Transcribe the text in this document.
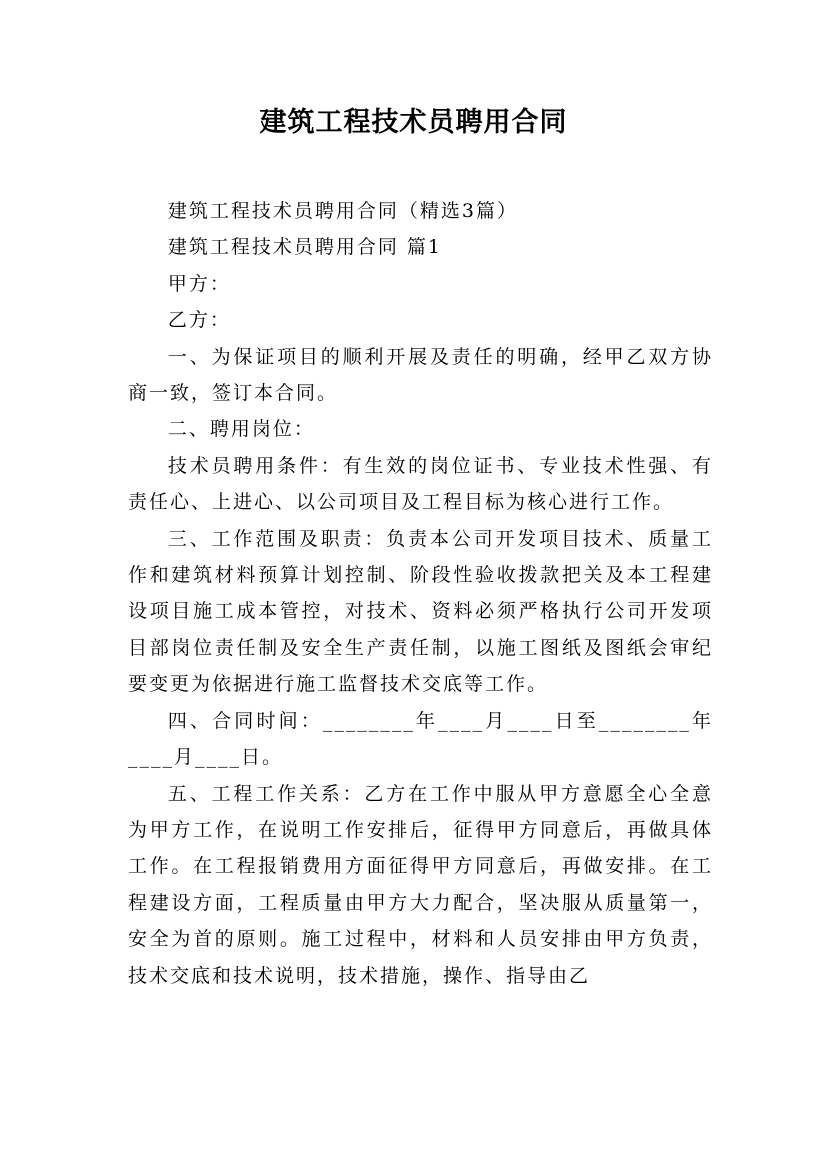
建筑工程技术员聘用合同

建筑工程技术员聘用合同（精选3篇）

建筑工程技术员聘用合同 篇1

甲方：

乙方：

一、为保证项目的顺利开展及责任的明确，经甲乙双方协商一致，签订本合同。

二、聘用岗位：

技术员聘用条件：有生效的岗位证书、专业技术性强、有责任心、上进心、以公司项目及工程目标为核心进行工作。

三、工作范围及职责：负责本公司开发项目技术、质量工作和建筑材料预算计划控制、阶段性验收拨款把关及本工程建设项目施工成本管控，对技术、资料必须严格执行公司开发项目部岗位责任制及安全生产责任制，以施工图纸及图纸会审纪要变更为依据进行施工监督技术交底等工作。

四、合同时间：________年____月____日至________年____月____日。

五、工程工作关系：乙方在工作中服从甲方意愿全心全意为甲方工作，在说明工作安排后，征得甲方同意后，再做具体工作。在工程报销费用方面征得甲方同意后，再做安排。在工程建设方面，工程质量由甲方大力配合，坚决服从质量第一，安全为首的原则。施工过程中，材料和人员安排由甲方负责，技术交底和技术说明，技术措施，操作、指导由乙
